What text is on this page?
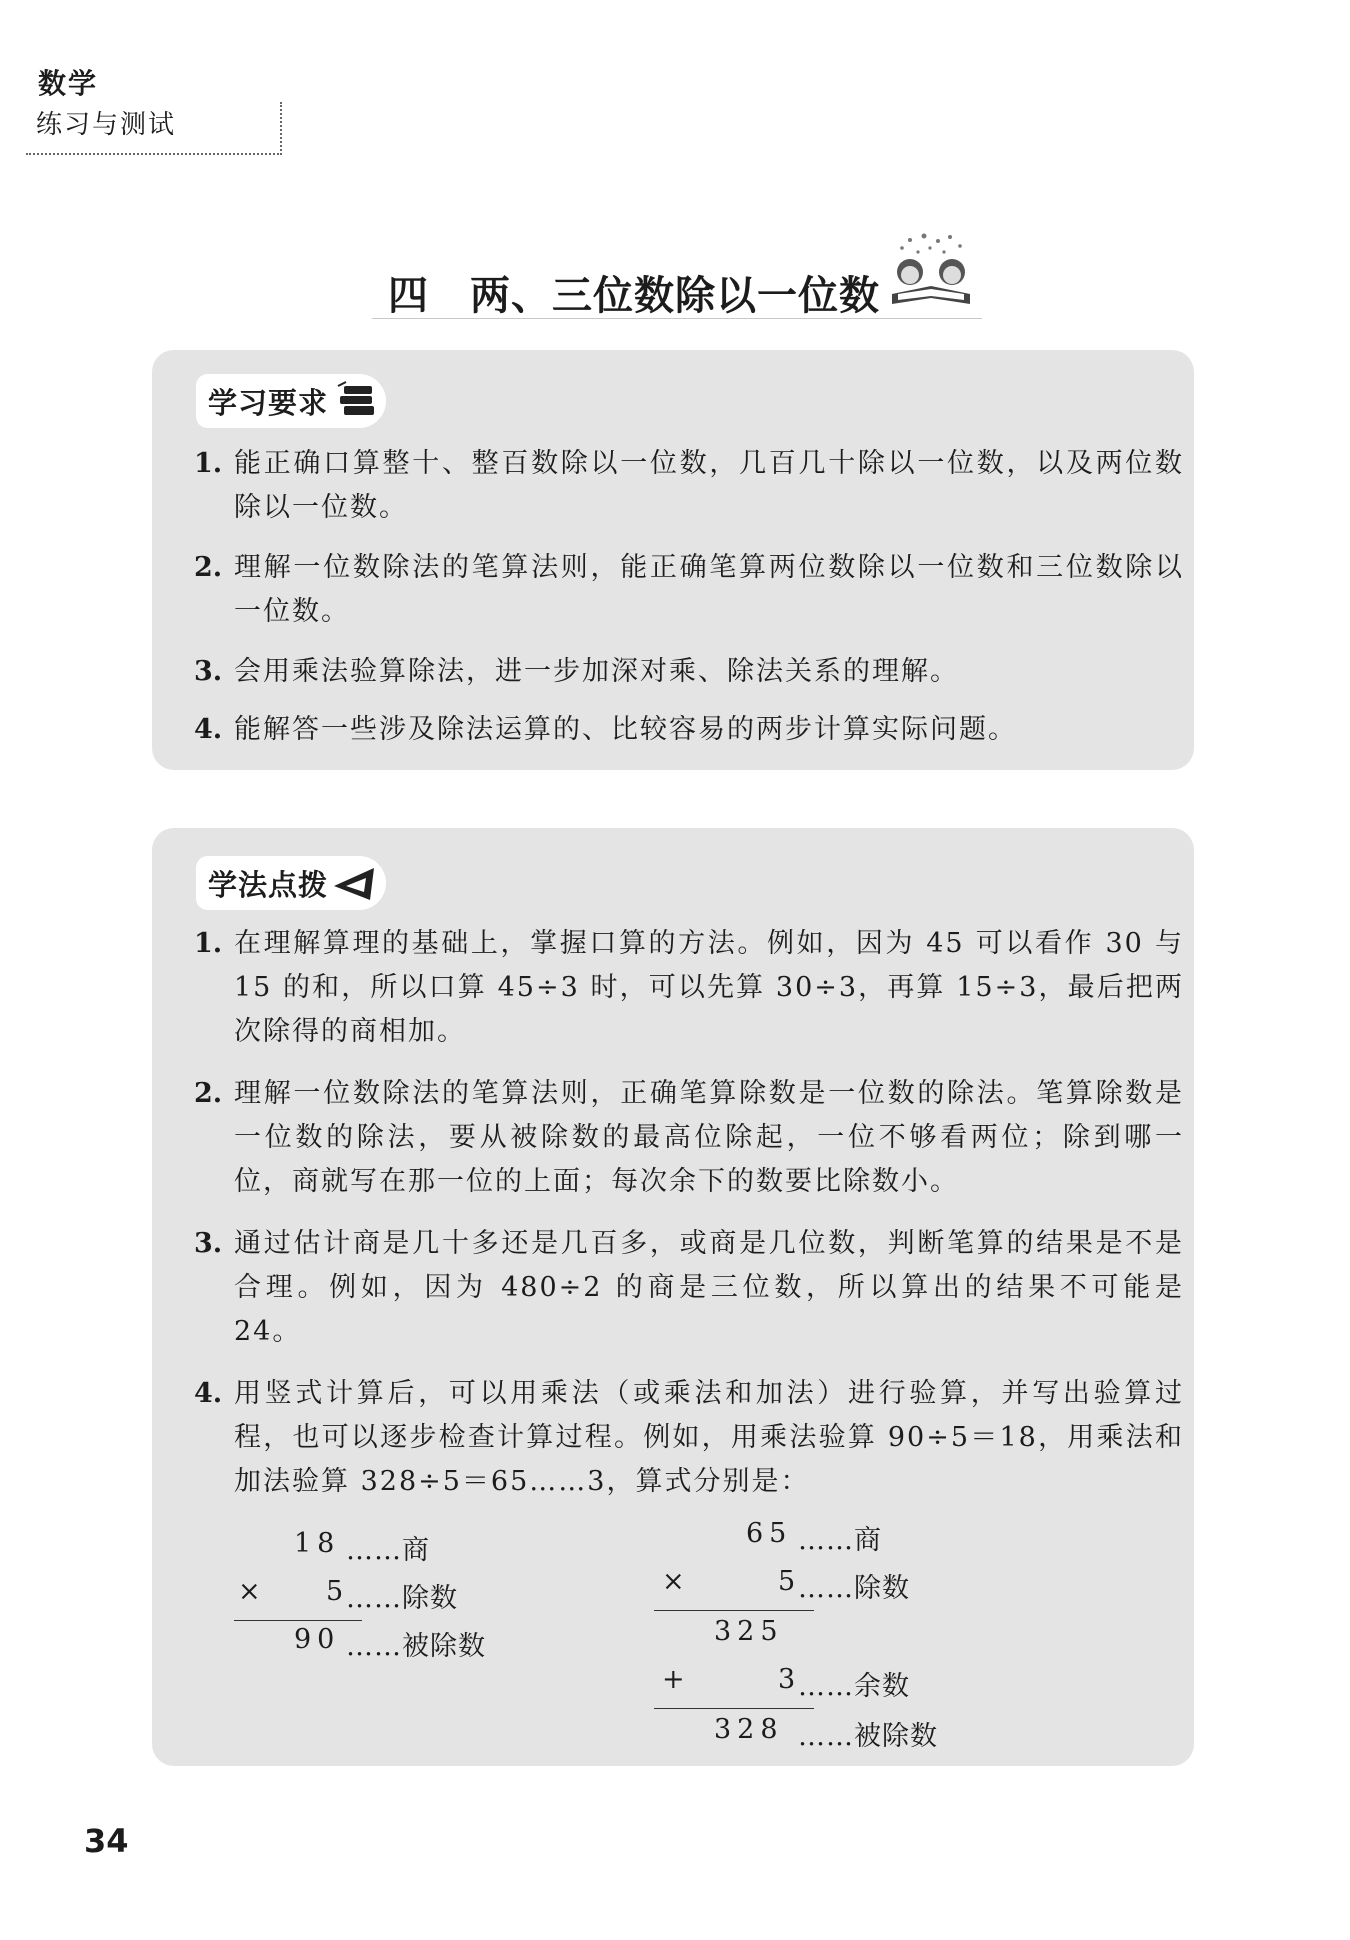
数学
练习与测试
四　两、三位数除以一位数
学习要求
1. 能正确口算整十、整百数除以一位数，几百几十除以一位数，以及两位数除以一位数。
2. 理解一位数除法的笔算法则，能正确笔算两位数除以一位数和三位数除以一位数。
3. 会用乘法验算除法，进一步加深对乘、除法关系的理解。
4. 能解答一些涉及除法运算的、比较容易的两步计算实际问题。
学法点拨
1. 在理解算理的基础上，掌握口算的方法。例如，因为 45 可以看作 30 与 15 的和，所以口算 45÷3 时，可以先算 30÷3，再算 15÷3，最后把两次除得的商相加。
2. 理解一位数除法的笔算法则，正确笔算除数是一位数的除法。笔算除数是一位数的除法，要从被除数的最高位除起，一位不够看两位；除到哪一位，商就写在那一位的上面；每次余下的数要比除数小。
3. 通过估计商是几十多还是几百多，或商是几位数，判断笔算的结果是不是合理。例如，因为 480÷2 的商是三位数，所以算出的结果不可能是 24。
4. 用竖式计算后，可以用乘法（或乘法和加法）进行验算，并写出验算过程，也可以逐步检查计算过程。例如，用乘法验算 90÷5＝18，用乘法和加法验算 328÷5＝65……3，算式分别是：
18 ……商
× 5
……除数
90 ……被除数
65 ……商
×	5
……除数
325
+	3
……余数
328 ……被除数
34
